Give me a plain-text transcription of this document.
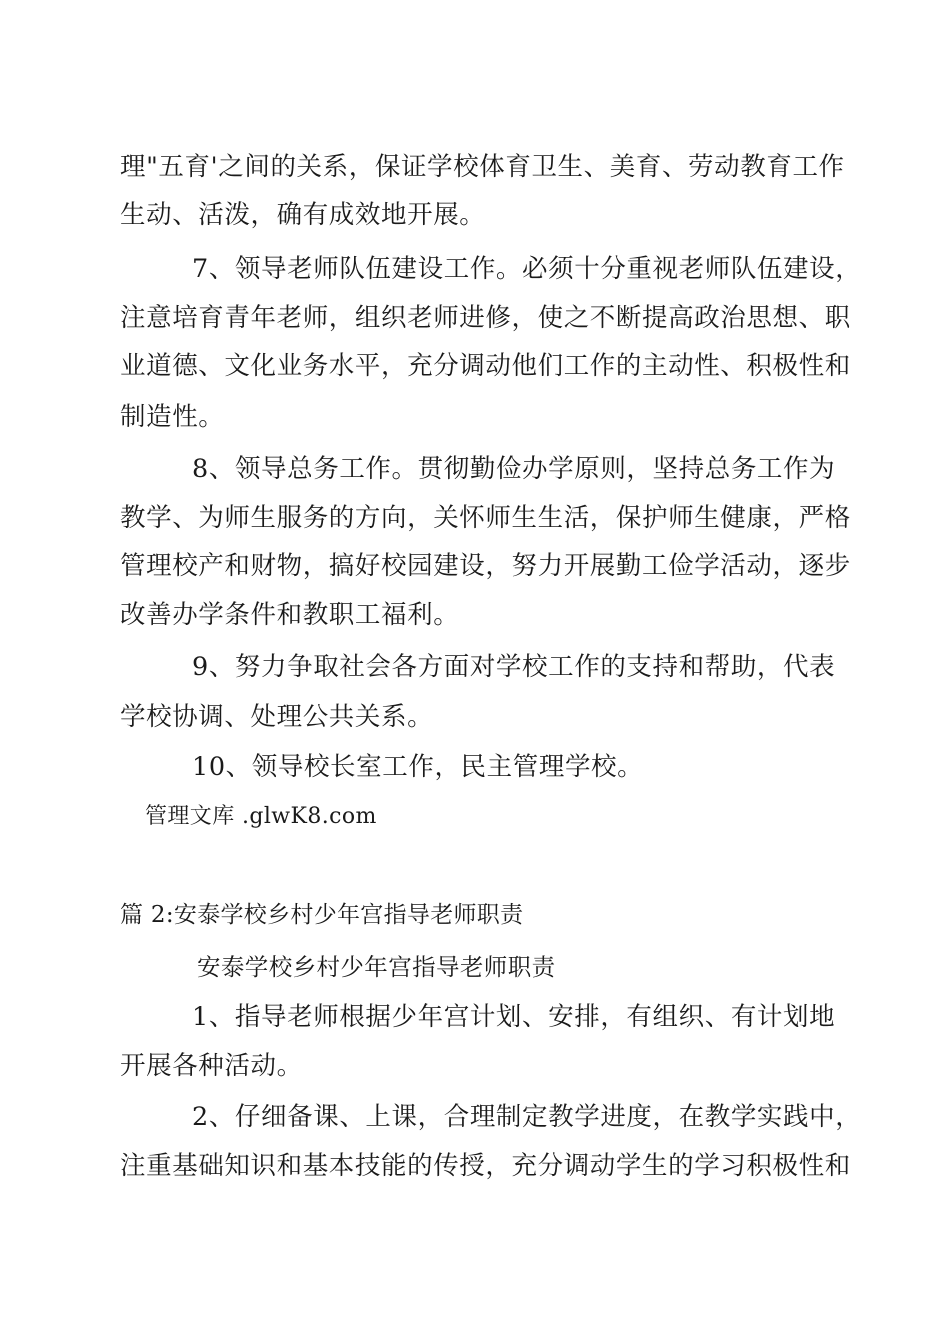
理"五育'之间的关系，保证学校体育卫生、美育、劳动教育工作
生动、活泼，确有成效地开展。
7、领导老师队伍建设工作。必须十分重视老师队伍建设，
注意培育青年老师，组织老师进修，使之不断提高政治思想、职
业道德、文化业务水平，充分调动他们工作的主动性、积极性和
制造性。
8、领导总务工作。贯彻勤俭办学原则，坚持总务工作为
教学、为师生服务的方向，关怀师生生活，保护师生健康，严格
管理校产和财物，搞好校园建设，努力开展勤工俭学活动，逐步
改善办学条件和教职工福利。
9、努力争取社会各方面对学校工作的支持和帮助，代表
学校协调、处理公共关系。
10、领导校长室工作，民主管理学校。
管理文库 .glwK8.com
篇 2:安泰学校乡村少年宫指导老师职责
安泰学校乡村少年宫指导老师职责
1、指导老师根据少年宫计划、安排，有组织、有计划地
开展各种活动。
2、仔细备课、上课，合理制定教学进度，在教学实践中，
注重基础知识和基本技能的传授，充分调动学生的学习积极性和
